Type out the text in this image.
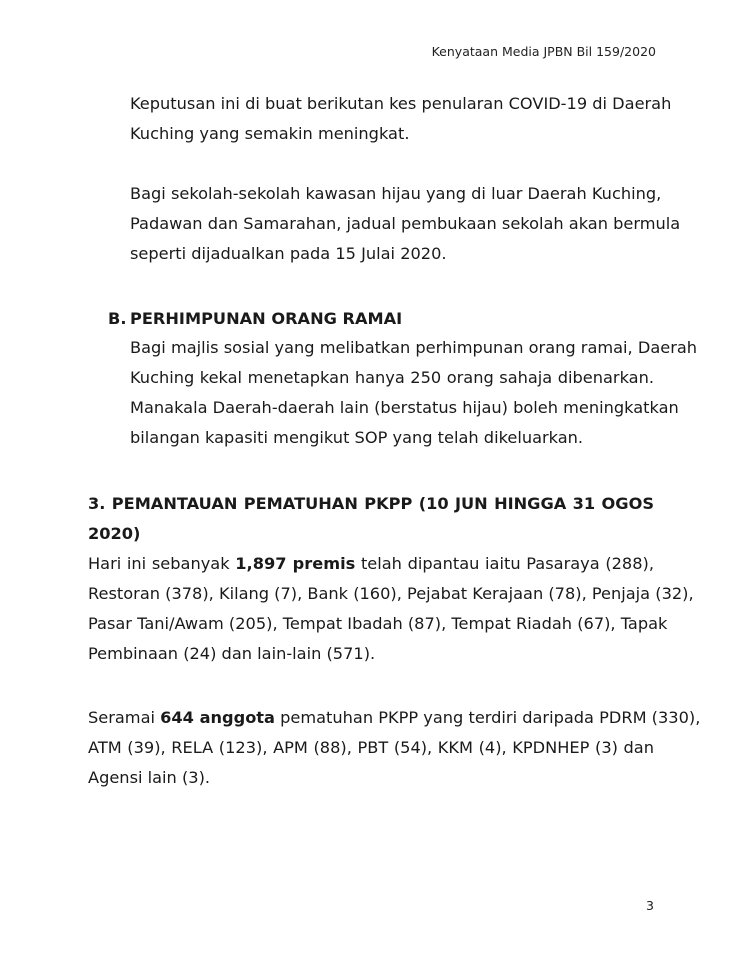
Kenyataan Media JPBN Bil 159/2020
Keputusan ini di buat berikutan kes penularan COVID-19 di Daerah
Kuching yang semakin meningkat.
Bagi sekolah-sekolah kawasan hijau yang di luar Daerah Kuching,
Padawan dan Samarahan, jadual pembukaan sekolah akan bermula
seperti dijadualkan pada 15 Julai 2020.
B. PERHIMPUNAN ORANG RAMAI
Bagi majlis sosial yang melibatkan perhimpunan orang ramai, Daerah
Kuching kekal menetapkan hanya 250 orang sahaja dibenarkan.
Manakala Daerah-daerah lain (berstatus hijau) boleh meningkatkan
bilangan kapasiti mengikut SOP yang telah dikeluarkan.
3. PEMANTAUAN PEMATUHAN PKPP (10 JUN HINGGA 31 OGOS
2020)
Hari ini sebanyak 1,897 premis telah dipantau iaitu Pasaraya (288),
Restoran (378), Kilang (7), Bank (160), Pejabat Kerajaan (78), Penjaja (32),
Pasar Tani/Awam (205), Tempat Ibadah (87), Tempat Riadah (67), Tapak
Pembinaan (24) dan lain-lain (571).
Seramai 644 anggota pematuhan PKPP yang terdiri daripada PDRM (330),
ATM (39), RELA (123), APM (88), PBT (54), KKM (4), KPDNHEP (3) dan
Agensi lain (3).
3
